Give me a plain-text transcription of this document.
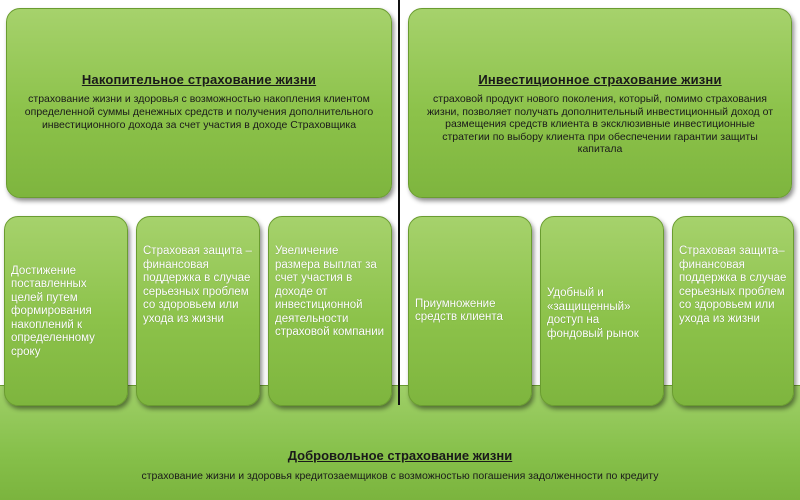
Добровольное страхование жизни
страхование жизни и здоровья кредитозаемщиков с возможностью погашения задолженности по кредиту
Накопительное страхование жизни
страхование жизни и здоровья с возможностью накопления клиентом определенной суммы денежных средств и получения дополнительного инвестиционного дохода за счет участия в доходе Страховщика
Инвестиционное страхование жизни
страховой продукт нового поколения, который, помимо страхования жизни, позволяет получать дополнительный инвестиционный доход от размещения средств клиента в эксклюзивные инвестиционные стратегии по выбору клиента при обеспечении гарантии защиты капитала
Достижение поставленных целей путем формирования накоплений к определенному сроку
Страховая защита – финансовая поддержка в случае серьезных проблем со здоровьем или ухода из жизни
Увеличение размера выплат за счет участия в доходе от инвестиционной деятельности страховой компании
Приумножение средств клиента
Удобный и «защищенный» доступ на фондовый рынок
Страховая защита– финансовая поддержка в случае серьезных проблем со здоровьем или ухода из жизни
